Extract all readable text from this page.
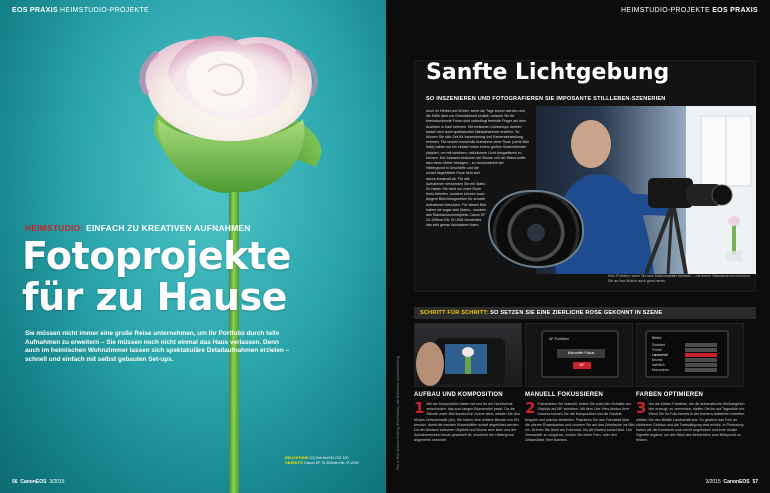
EOS PRAXIS HEIMSTUDIO-PROJEKTE
HEIMSTUDIO: EINFACH ZU KREATIVEN AUFNAHMEN
Fotoprojekte
für zu Hause
Sie müssen nicht immer eine große Reise unternehmen, um Ihr Portfolio durch tolle Aufnahmen zu erweitern – Sie müssen noch nicht einmal das Haus verlassen. Denn auch im heimischen Wohnzimmer lassen sich spektakuläre Detailaufnahmen erzielen – schnell und einfach mit selbst gebauten Set-ups.
BELICHTUNG 0,5 Sek bei f/11 ISO 100
OBJEKTIV Canon EF 70-300mm f/4L IS USM
56 CanonEOS 3/2015
HEIMSTUDIO-PROJEKTE EOS PRAXIS
Sanfte Lichtgebung
SO INSZENIEREN UND FOTOGRAFIEREN SIE IMPOSANTE STILLLEBEN-SZENERIEN
Auch im Herbst und Winter, wenn die Tage kürzer werden und die Kälte aber zur Gemütlichkeit einlädt, müssen Sie für beeindruckende Fotos nicht unbedingt freiende Finger auf dem Auslöser in Kauf nehmen. Mit einfachen Lichtsetups daheim lassen sich auch spektakuläre Nahaufnahmen erzielen. So können Sie sich Zeit für Inszenierung und Kameraeinstellung nehmen. Für unsere kunstvolle Aufnahme einer Rose (siehe Bild links) haben wir ein einfach indes einem großen Küchenfenster platziert, um mit weichem, natürlichem Licht fotografieren zu können. Der Abstand zwischen der Blume und der Wand sollte also einen Meter betragen – so verschwimmt der
Hintergrund in Unschärfe und die scharf abgebildete Rose hebt sich davon kunstvoll ab. Für alle Aufnahmen verwenden Sie ein Stativ: So haben Sie nicht nur mehr Ruhe beim Arbeiten, sondern können auch längere Belichtungszeiten für scharfe Aufnahmen benutzen. Für dieses Bild haben wir sogar kein Makro-, sondern das Standardzoomobjektiv Canon EF 24-105mm f/4L IS USM verwendet, das sich genau fokussieren kann.
Kein Problem, wenn Sie kein Makroobjektiv besitzen – mit einem Standardzoom kommen Sie an Ihre Motive auch ganz heran.
SCHRITT FÜR SCHRITT: SO SETZEN SIE EINE ZIERLICHE ROSE GEKONNT IN SZENE
AF-Funktion
Manueller Fokus
MF
Bildst.
Standard
Porträt
Landschaft
Neutral
Natürlich
Monochrom
AUFBAU UND KOMPOSITION
1 Bei der Komposition haben wir uns für ein Hochformat entschieden, das zum langen Blumenstiel passt. Da die Blende unser Bild kunstvoll in Szene setzt, wählen Sie den Modus Zeitautomatik (Av). Wir haben eine mittlere Blende von f/11 benutzt, damit die meisten Rosenblätter scharf abgebildet werden. Da der Abstand zwischen Objektiv und Blume sehr klein und der Aufnahmewinkel etwas gewinkelt ist, erscheint der Hintergrund angenehm unscharf.
MANUELL FOKUSSIEREN
2 Fokussieren Sie manuell, indem Sie auch den Schalter am Objektiv auf MF schieben. Mit dem Live View-Modus Ihrer Kamera können Sie die Komposition und die Schärfe bequem und präzise einstellen. Platzieren Sie das Fokusfeld über die oberen Rosenkanten und zoomen Sie auf das Zehnfache ins Bild ein. Drehen Sie leicht am Fokusrad, bis die Kanten scharf sind. Um Verwackler zu umgehen, nutzen Sie einen Fern- oder den Zeitauslöser Ihrer Kamera.
FARBEN OPTIMIEREN
3 Um die kühlen Farbtöne, die die automatische Weißabgleich hier erzeugt, zu vermeiden, stellen Sie ihn auf Tageslicht ein. Wenn Sie Ihr Foto bereits in der Kamera aufwerten möchten, wählen Sie den Bildstil Landschaft aus. So gewinnt das Foto an stärkerem Grünton und die Farbsättigung wird erhöht. In Photoshop haben wir die Kontraste noch leicht angehoben und eine dunkle Vignette ergänzt, um den Blick des Betrachters zum Blickpunkt zu lenken.
Text & Text: Andrew Kohlring (Pixel Media), Alle Bildrechte: Andrew Kohlring
3/2015 CanonEOS 57
